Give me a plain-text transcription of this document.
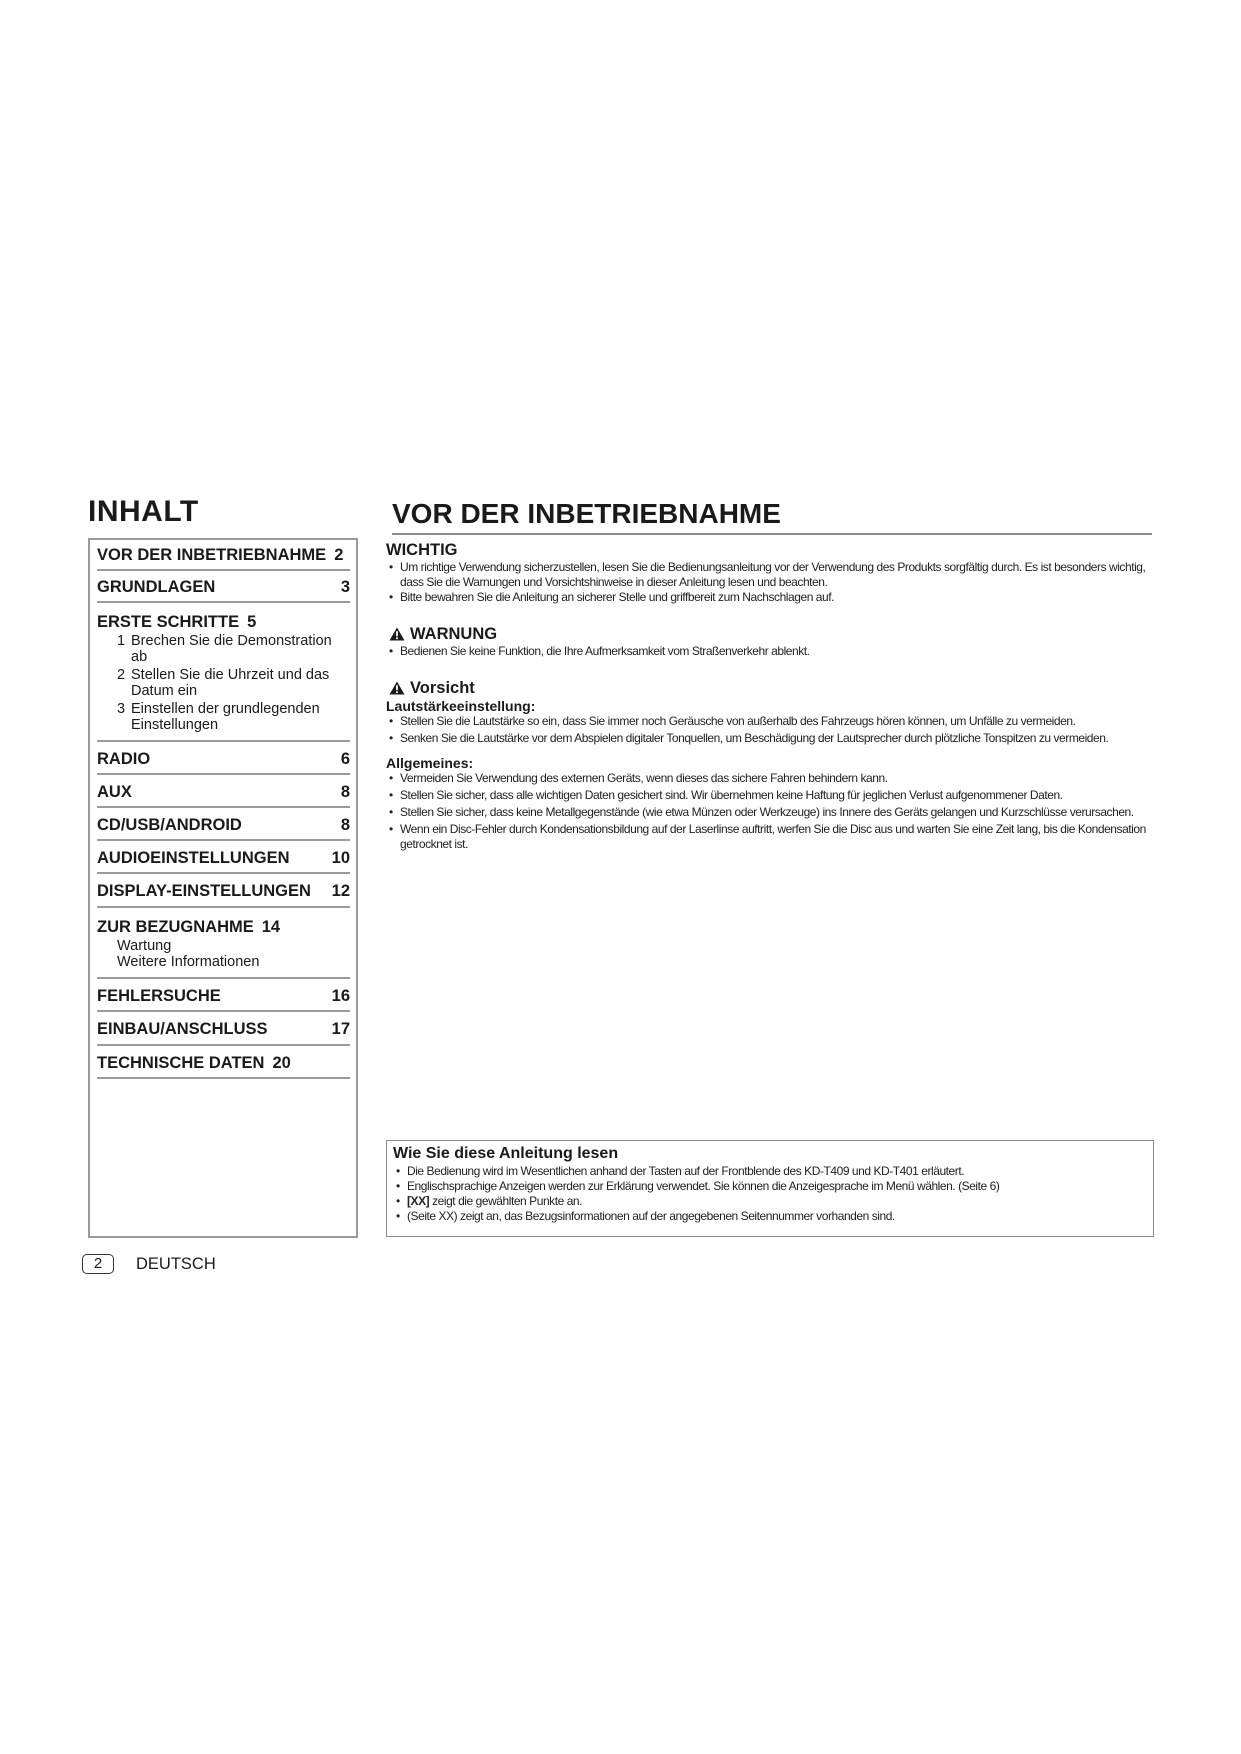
INHALT
VOR DER INBETRIEBNAHME 2
GRUNDLAGEN	3
ERSTE SCHRITTE 5
1 Brechen Sie die Demonstration ab
2 Stellen Sie die Uhrzeit und das Datum ein
3 Einstellen der grundlegenden Einstellungen
RADIO	6
AUX	8
CD/USB/ANDROID	8
AUDIOEINSTELLUNGEN	10
DISPLAY-EINSTELLUNGEN 12
ZUR BEZUGNAHME 14
Wartung
Weitere Informationen
FEHLERSUCHE	16
EINBAU/ANSCHLUSS	17
TECHNISCHE DATEN 20
VOR DER INBETRIEBNAHME
WICHTIG
• Um richtige Verwendung sicherzustellen, lesen Sie die Bedienungsanleitung vor der Verwendung des Produkts sorgfältig durch. Es ist besonders wichtig, dass Sie die Warnungen und Vorsichtshinweise in dieser Anleitung lesen und beachten.
• Bitte bewahren Sie die Anleitung an sicherer Stelle und griffbereit zum Nachschlagen auf.
WARNUNG
• Bedienen Sie keine Funktion, die Ihre Aufmerksamkeit vom Straßenverkehr ablenkt.
Vorsicht
Lautstärkeeinstellung:
• Stellen Sie die Lautstärke so ein, dass Sie immer noch Geräusche von außerhalb des Fahrzeugs hören können, um Unfälle zu vermeiden.
• Senken Sie die Lautstärke vor dem Abspielen digitaler Tonquellen, um Beschädigung der Lautsprecher durch plötzliche Tonspitzen zu vermeiden.
Allgemeines:
• Vermeiden Sie Verwendung des externen Geräts, wenn dieses das sichere Fahren behindern kann.
• Stellen Sie sicher, dass alle wichtigen Daten gesichert sind. Wir übernehmen keine Haftung für jeglichen Verlust aufgenommener Daten.
• Stellen Sie sicher, dass keine Metallgegenstände (wie etwa Münzen oder Werkzeuge) ins Innere des Geräts gelangen und Kurzschlüsse verursachen.
• Wenn ein Disc-Fehler durch Kondensationsbildung auf der Laserlinse auftritt, werfen Sie die Disc aus und warten Sie eine Zeit lang, bis die Kondensation getrocknet ist.
Wie Sie diese Anleitung lesen
• Die Bedienung wird im Wesentlichen anhand der Tasten auf der Frontblende des KD-T409 und KD-T401 erläutert.
• Englischsprachige Anzeigen werden zur Erklärung verwendet. Sie können die Anzeigesprache im Menü wählen. (Seite 6)
• [XX] zeigt die gewählten Punkte an.
• (Seite XX) zeigt an, das Bezugsinformationen auf der angegebenen Seitennummer vorhanden sind.
2	DEUTSCH
